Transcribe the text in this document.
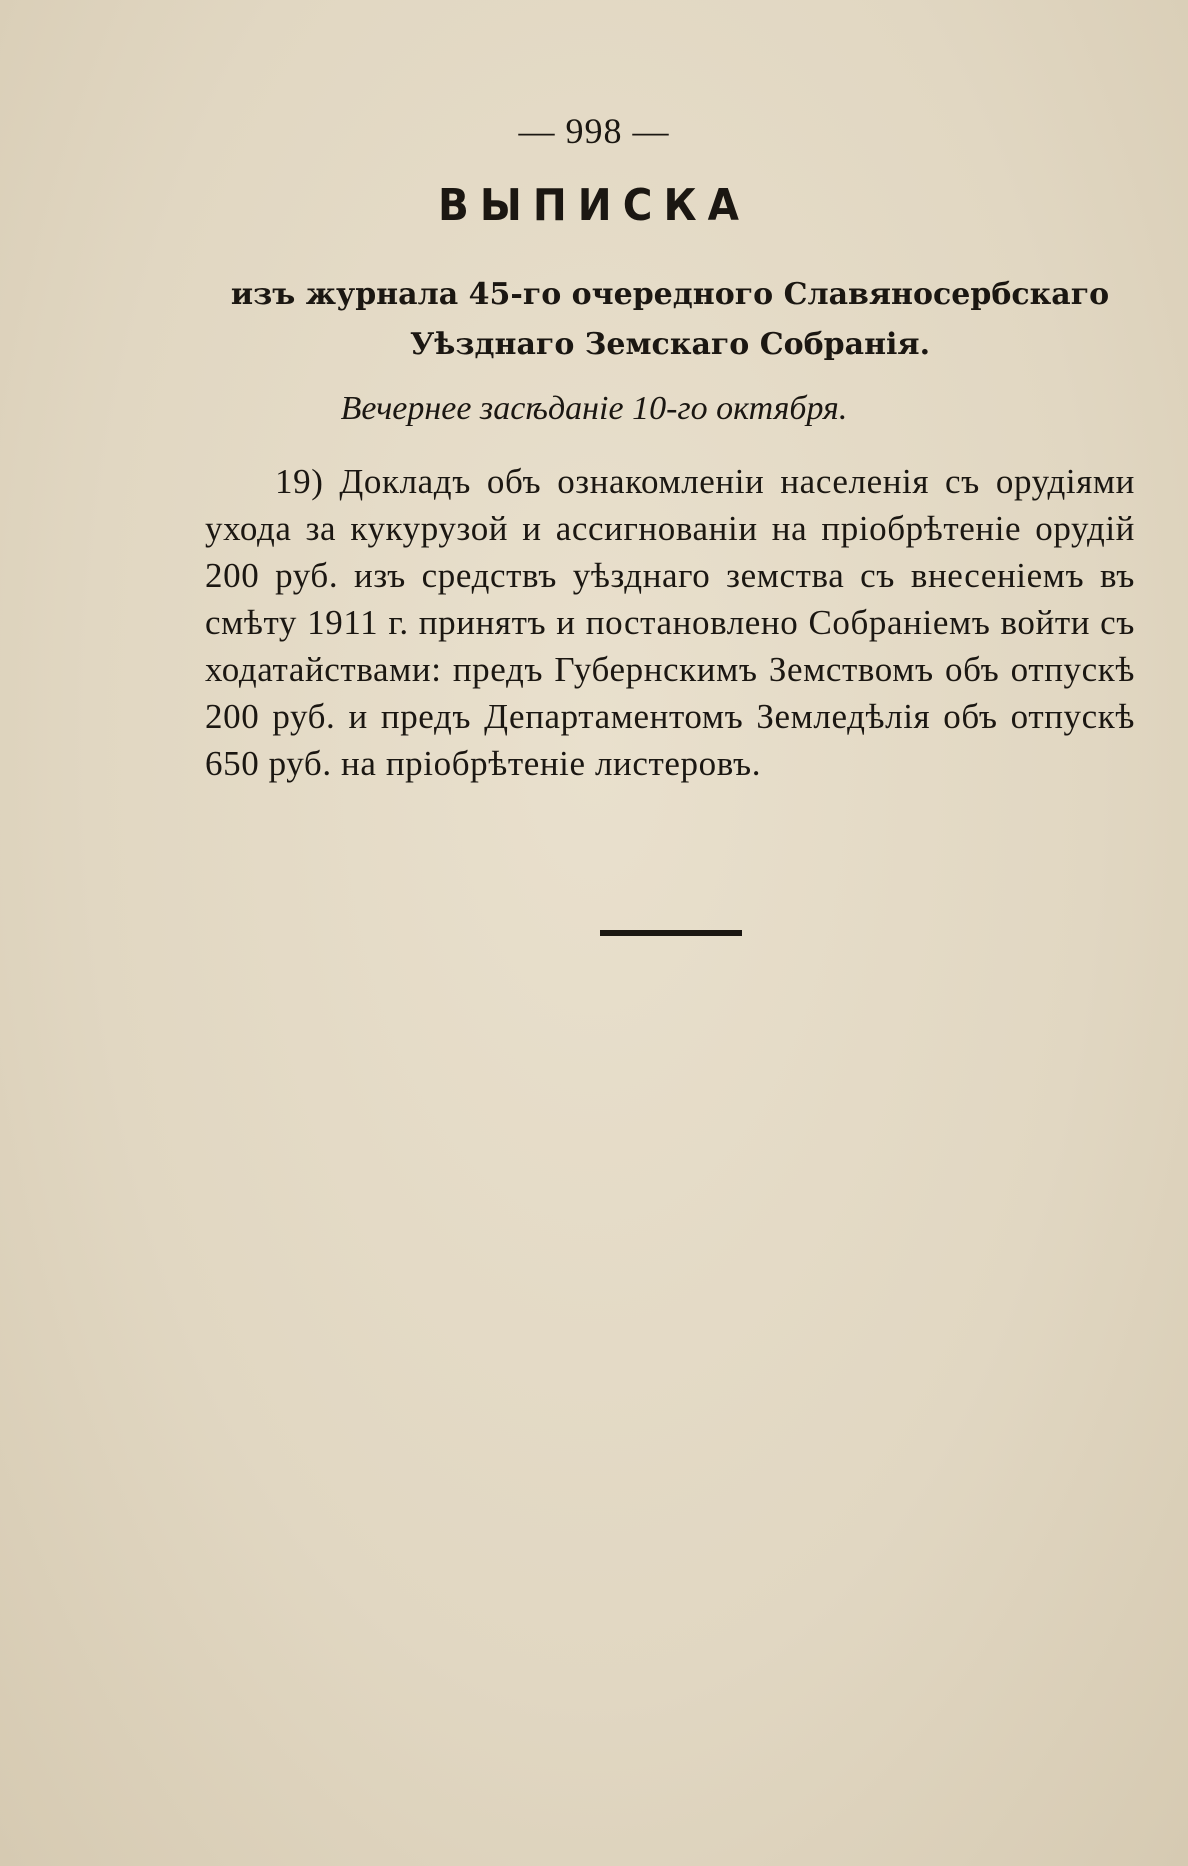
— 998 —
ВЫПИСКА
изъ журнала 45-го очередного Славяносербскаго Уѣзднаго Земскаго Собранія.
Вечернее засѣданіе 10-го октября.
19) Докладъ объ ознакомленіи населенія съ орудіями ухода за кукурузой и ассигнованіи на пріобрѣтеніе орудій 200 руб. изъ средствъ уѣзднаго земства съ внесеніемъ въ смѣту 1911 г. принятъ и постановлено Собраніемъ войти съ ходатайствами: предъ Губернскимъ Земствомъ объ отпускѣ 200 руб. и предъ Департаментомъ Земледѣлія объ отпускѣ 650 руб. на пріобрѣтеніе листеровъ.
